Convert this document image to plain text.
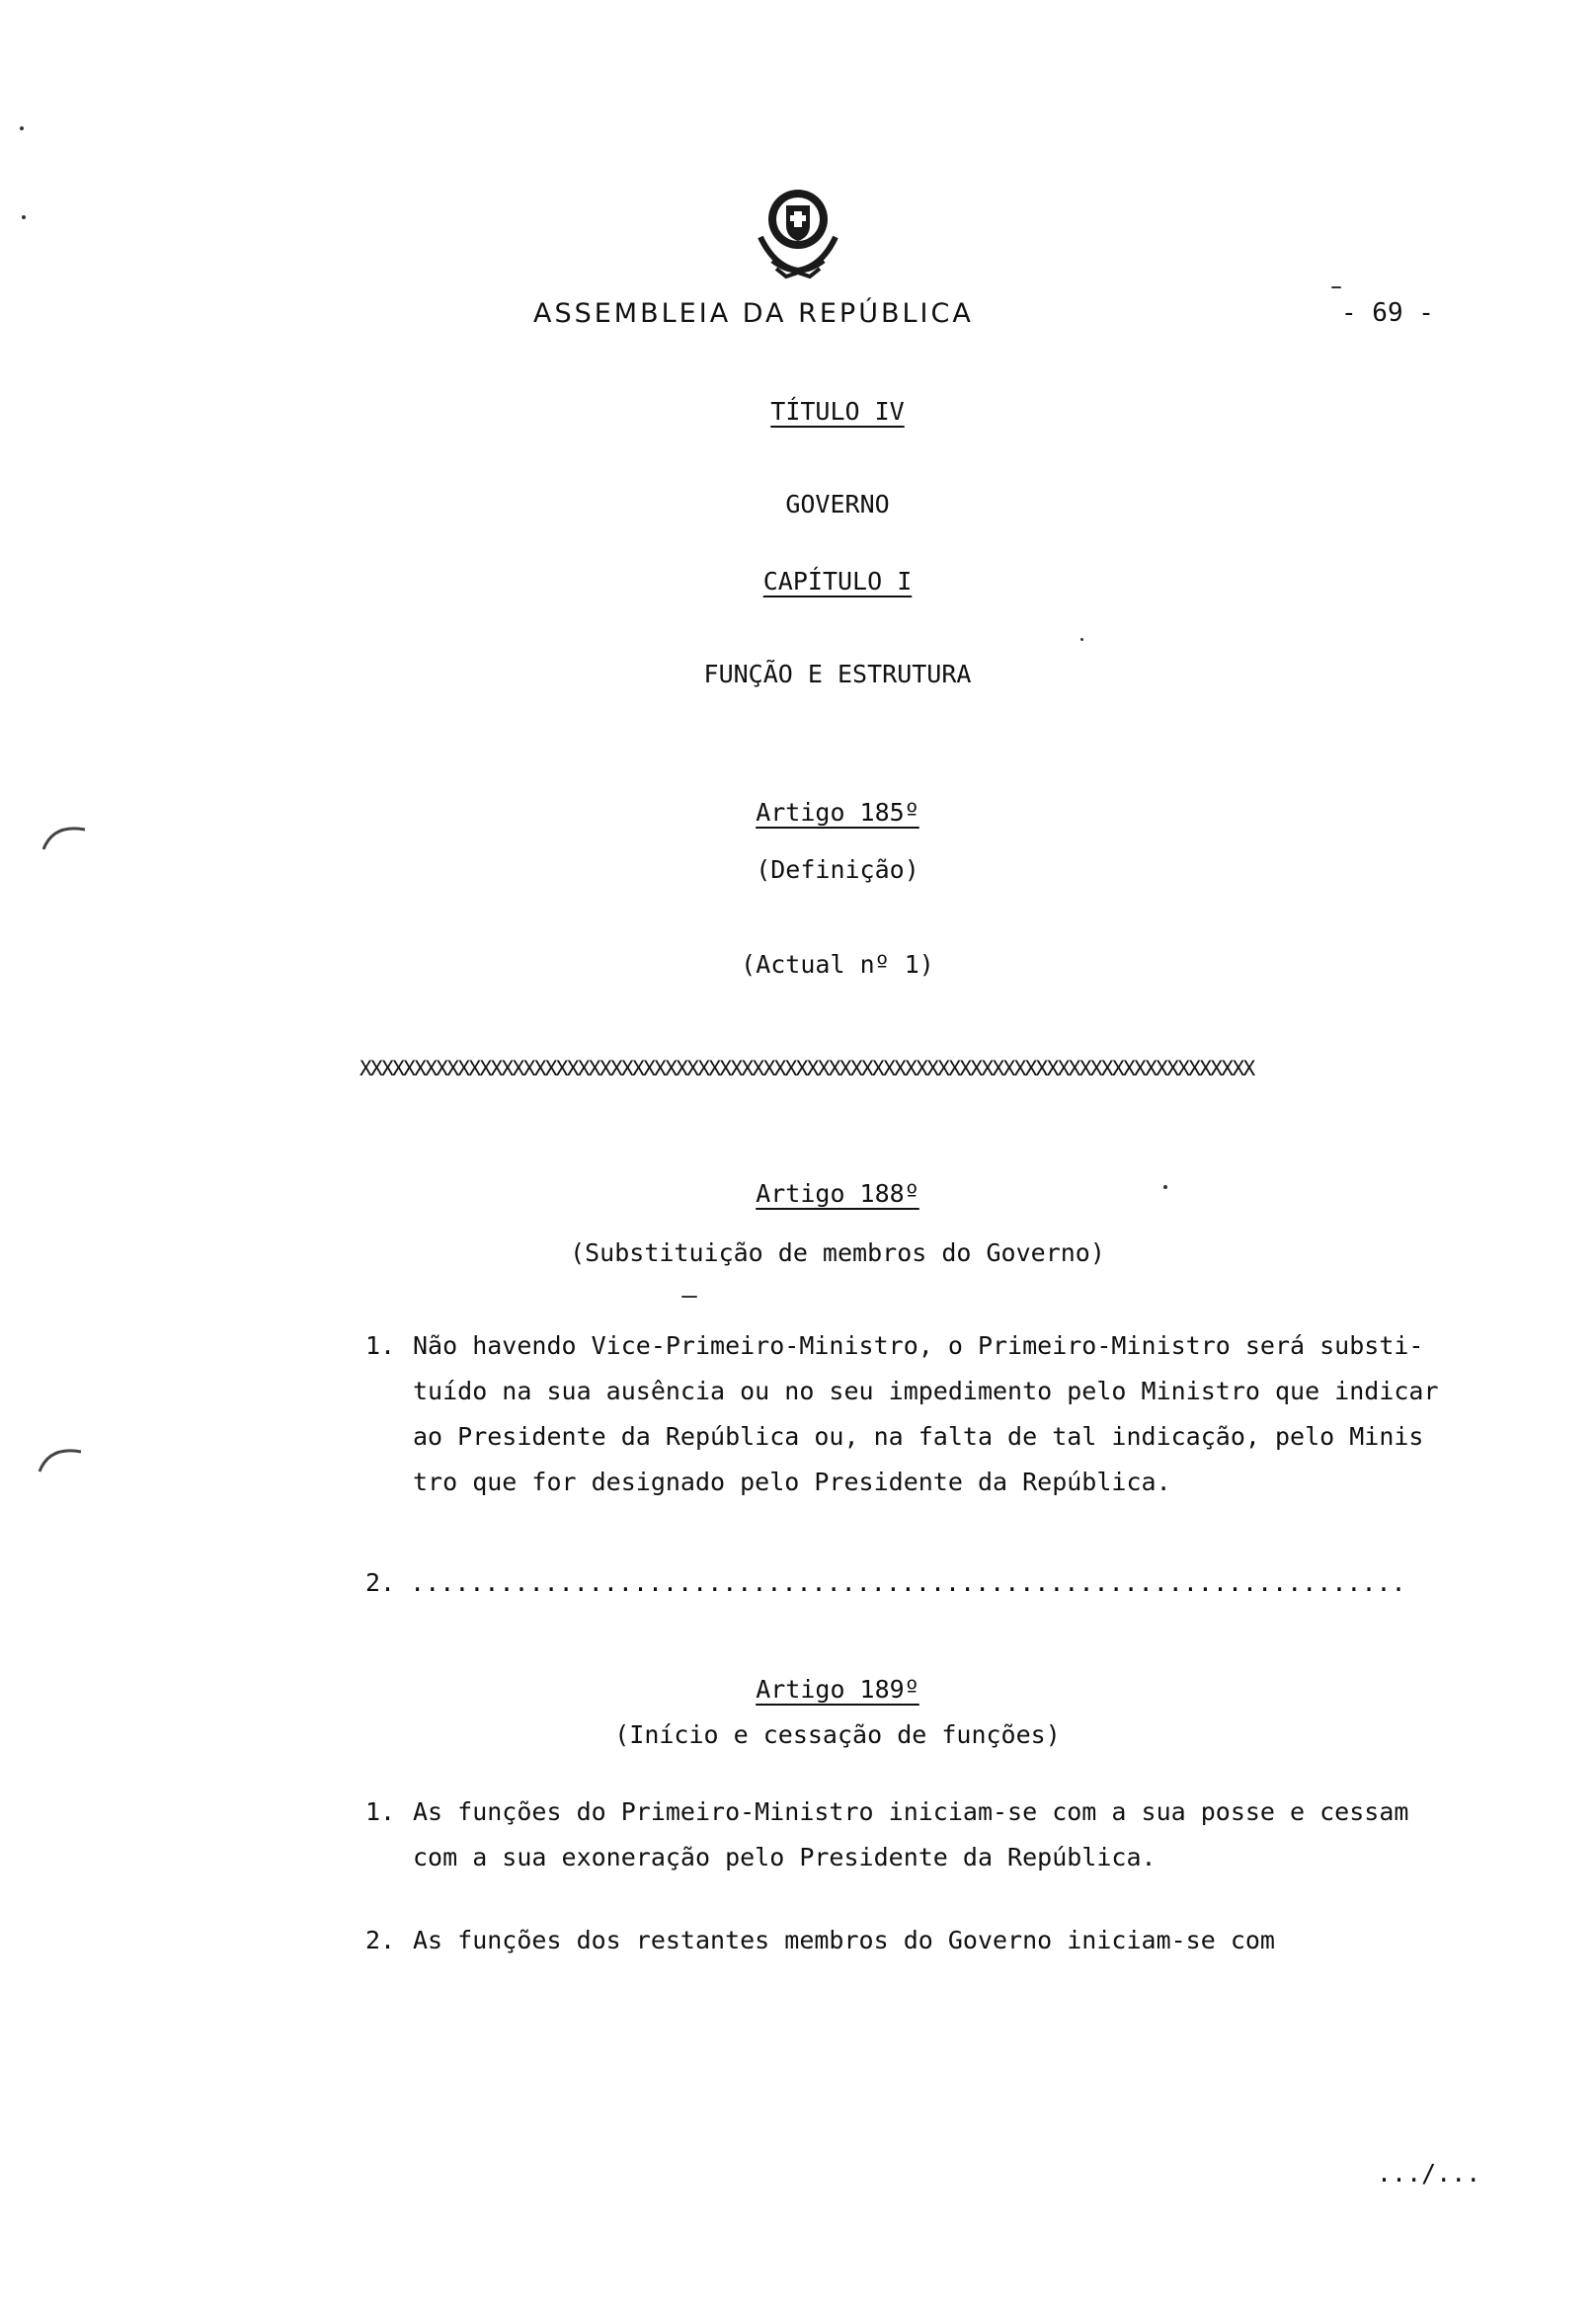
ASSEMBLEIA DA REPÚBLICA	- 69 -
TÍTULO IV
GOVERNO
CAPÍTULO I
FUNÇÃO E ESTRUTURA
Artigo 185º
(Definição)
(Actual nº 1)
XXXXXXXXXXXXXXXXXXXXXXXXXXXXXXXXXXXXXXXXXXXXXXXXXXXXXXXXXXXXXXXXXXXXXXXXXXXXXXXXXX
Artigo 188º
(Substituição de membros do Governo)
1. Não havendo Vice-Primeiro-Ministro, o Primeiro-Ministro será substi-
tuído na sua ausência ou no seu impedimento pelo Ministro que indicar
ao Presidente da República ou, na falta de tal indicação, pelo Minis
tro que for designado pelo Presidente da República.
2. ...................................................................
Artigo 189º
(Início e cessação de funções)
1. As funções do Primeiro-Ministro iniciam-se com a sua posse e cessam
com a sua exoneração pelo Presidente da República.
2. As funções dos restantes membros do Governo iniciam-se com
.../...
